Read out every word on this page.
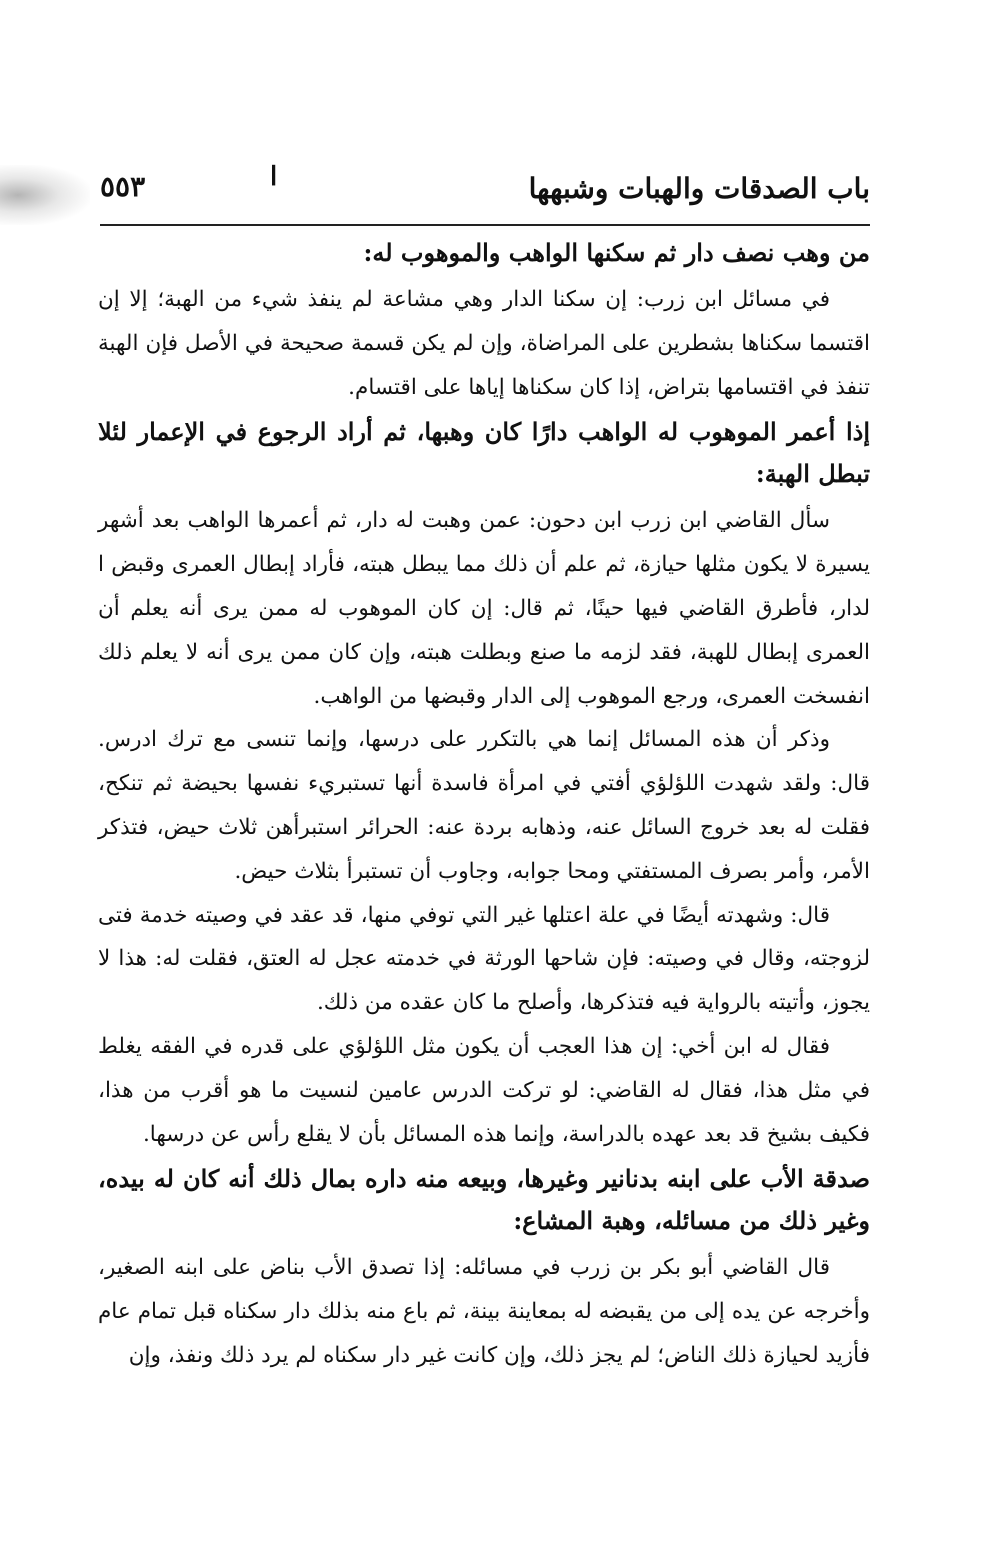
٥٥٣	ا	باب الصدقات والهبات وشبهها

من وهب نصف دار ثم سكنها الواهب والموهوب له:

في مسائل ابن زرب: إن سكنا الدار وهي مشاعة لم ينفذ شيء من الهبة؛ إلا إن اقتسما سكناها بشطرين على المراضاة، وإن لم يكن قسمة صحيحة في الأصل فإن الهبة تنفذ في اقتسامها بتراض، إذا كان سكناها إياها على اقتسام.

إذا أعمر الموهوب له الواهب دارًا كان وهبها، ثم أراد الرجوع في الإعمار لئلا تبطل الهبة:

سأل القاضي ابن زرب ابن دحون: عمن وهبت له دار، ثم أعمرها الواهب بعد أشهر يسيرة لا يكون مثلها حيازة، ثم علم أن ذلك مما يبطل هبته، فأراد إبطال العمرى وقبض ا لدار، فأطرق القاضي فيها حينًا، ثم قال: إن كان الموهوب له ممن يرى أنه يعلم أن العمرى إبطال للهبة، فقد لزمه ما صنع وبطلت هبته، وإن كان ممن يرى أنه لا يعلم ذلك انفسخت العمرى، ورجع الموهوب إلى الدار وقبضها من الواهب.

وذكر أن هذه المسائل إنما هي بالتكرر على درسها، وإنما تنسى مع ترك ادرس. قال: ولقد شهدت اللؤلؤي أفتي في امرأة فاسدة أنها تستبريء نفسها بحيضة ثم تنكح، فقلت له بعد خروج السائل عنه، وذهابه بردة عنه: الحرائر استبرأهن ثلاث حيض، فتذكر الأمر، وأمر بصرف المستفتي ومحا جوابه، وجاوب أن تستبرأ بثلاث حيض.

قال: وشهدته أيضًا في علة اعتلها غير التي توفي منها، قد عقد في وصيته خدمة فتى لزوجته، وقال في وصيته: فإن شاحها الورثة في خدمته عجل له العتق، فقلت له: هذا لا يجوز، وأتيته بالرواية فيه فتذكرها، وأصلح ما كان عقده من ذلك.

فقال له ابن أخي: إن هذا العجب أن يكون مثل اللؤلؤي على قدره في الفقه يغلط في مثل هذا، فقال له القاضي: لو تركت الدرس عامين لنسيت ما هو أقرب من هذا، فكيف بشيخ قد بعد عهده بالدراسة، وإنما هذه المسائل بأن لا يقلع رأس عن درسها.

صدقة الأب على ابنه بدنانير وغيرها، وبيعه منه داره بمال ذلك أنه كان له بيده، وغير ذلك من مسائله، وهبة المشاع:

قال القاضي أبو بكر بن زرب في مسائله: إذا تصدق الأب بناض على ابنه الصغير، وأخرجه عن يده إلى من يقبضه له بمعاينة بينة، ثم باع منه بذلك دار سكناه قبل تمام عام فأزيد لحيازة ذلك الناض؛ لم يجز ذلك، وإن كانت غير دار سكناه لم يرد ذلك ونفذ، وإن
